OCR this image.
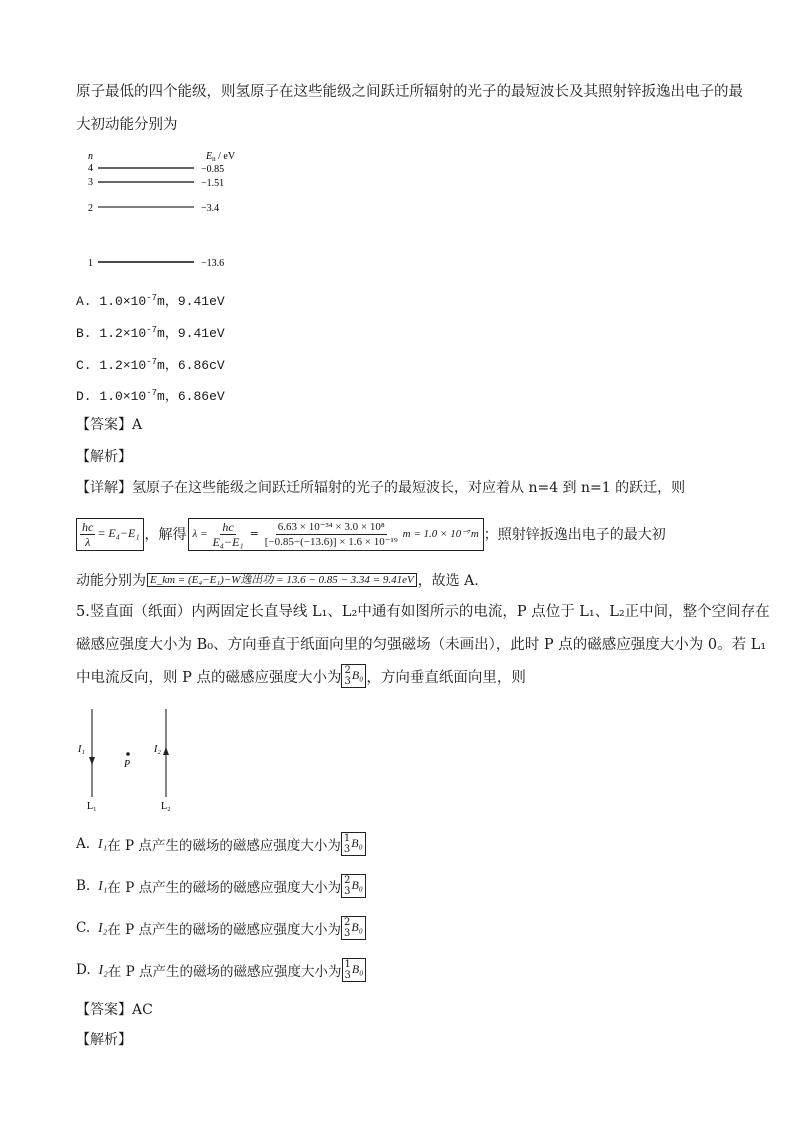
原子最低的四个能级，则氢原子在这些能级之间跃迁所辐射的光子的最短波长及其照射锌扳逸出电子的最
大初动能分别为
n	$E_n$ / eV
4	−0.85
3	−1.51
2	−3.4
1	−13.6
A. $1.0\times 10^{-7}m$，9.41eV
B. $1.2\times 10^{-7}m$，9.41eV
C. $1.2\times 10^{-7}m$，6.86cV
D. $1.0\times 10^{-7}m$，6.86eV
【答案】A
【解析】
【详解】氢原子在这些能级之间跃迁所辐射的光子的最短波长，对应着从 n=4 到 n=1 的跃迁，则
$\frac{hc}{\lambda} = E_4-E_1$ ，解得 $\lambda = \frac{hc}{\text{E₄−E₁}} = \frac{\text{6.63 × 10⁻³⁴ × 3.0 × 10⁸}}{\text{[−0.85−(−13.6)] × 1.6 × 10⁻¹⁹}}$ m = 1.0 × 10⁻⁷m ；照射锌扳逸出电子的最大初
动能分别为 E_km = (E₄−E₁)−W逸出功 = 13.6 − 0.85 − 3.34 = 9.41eV ，故选 A.
5.竖直面（纸面）内两固定长直导线 L₁、L₂中通有如图所示的电流，P 点位于 L₁、L₂正中间，整个空间存在
磁感应强度大小为 B₀、方向垂直于纸面向里的匀强磁场（未画出），此时 P 点的磁感应强度大小为 0。若 L₁
中电流反向，则 P 点的磁感应强度大小为 2
3 B₀ ，方向垂直纸面向里，则
I₁
P
I₂
L₁	L₂
A. I₁ 在 P 点产生的磁场的磁感应强度大小为 1
3 B₀
B. I₁ 在 P 点产生的磁场的磁感应强度大小为 2
3 B₀
C. I₂ 在 P 点产生的磁场的磁感应强度大小为 2
3 B₀
D. I₂ 在 P 点产生的磁场的磁感应强度大小为 1
3 B₀
【答案】AC
【解析】
